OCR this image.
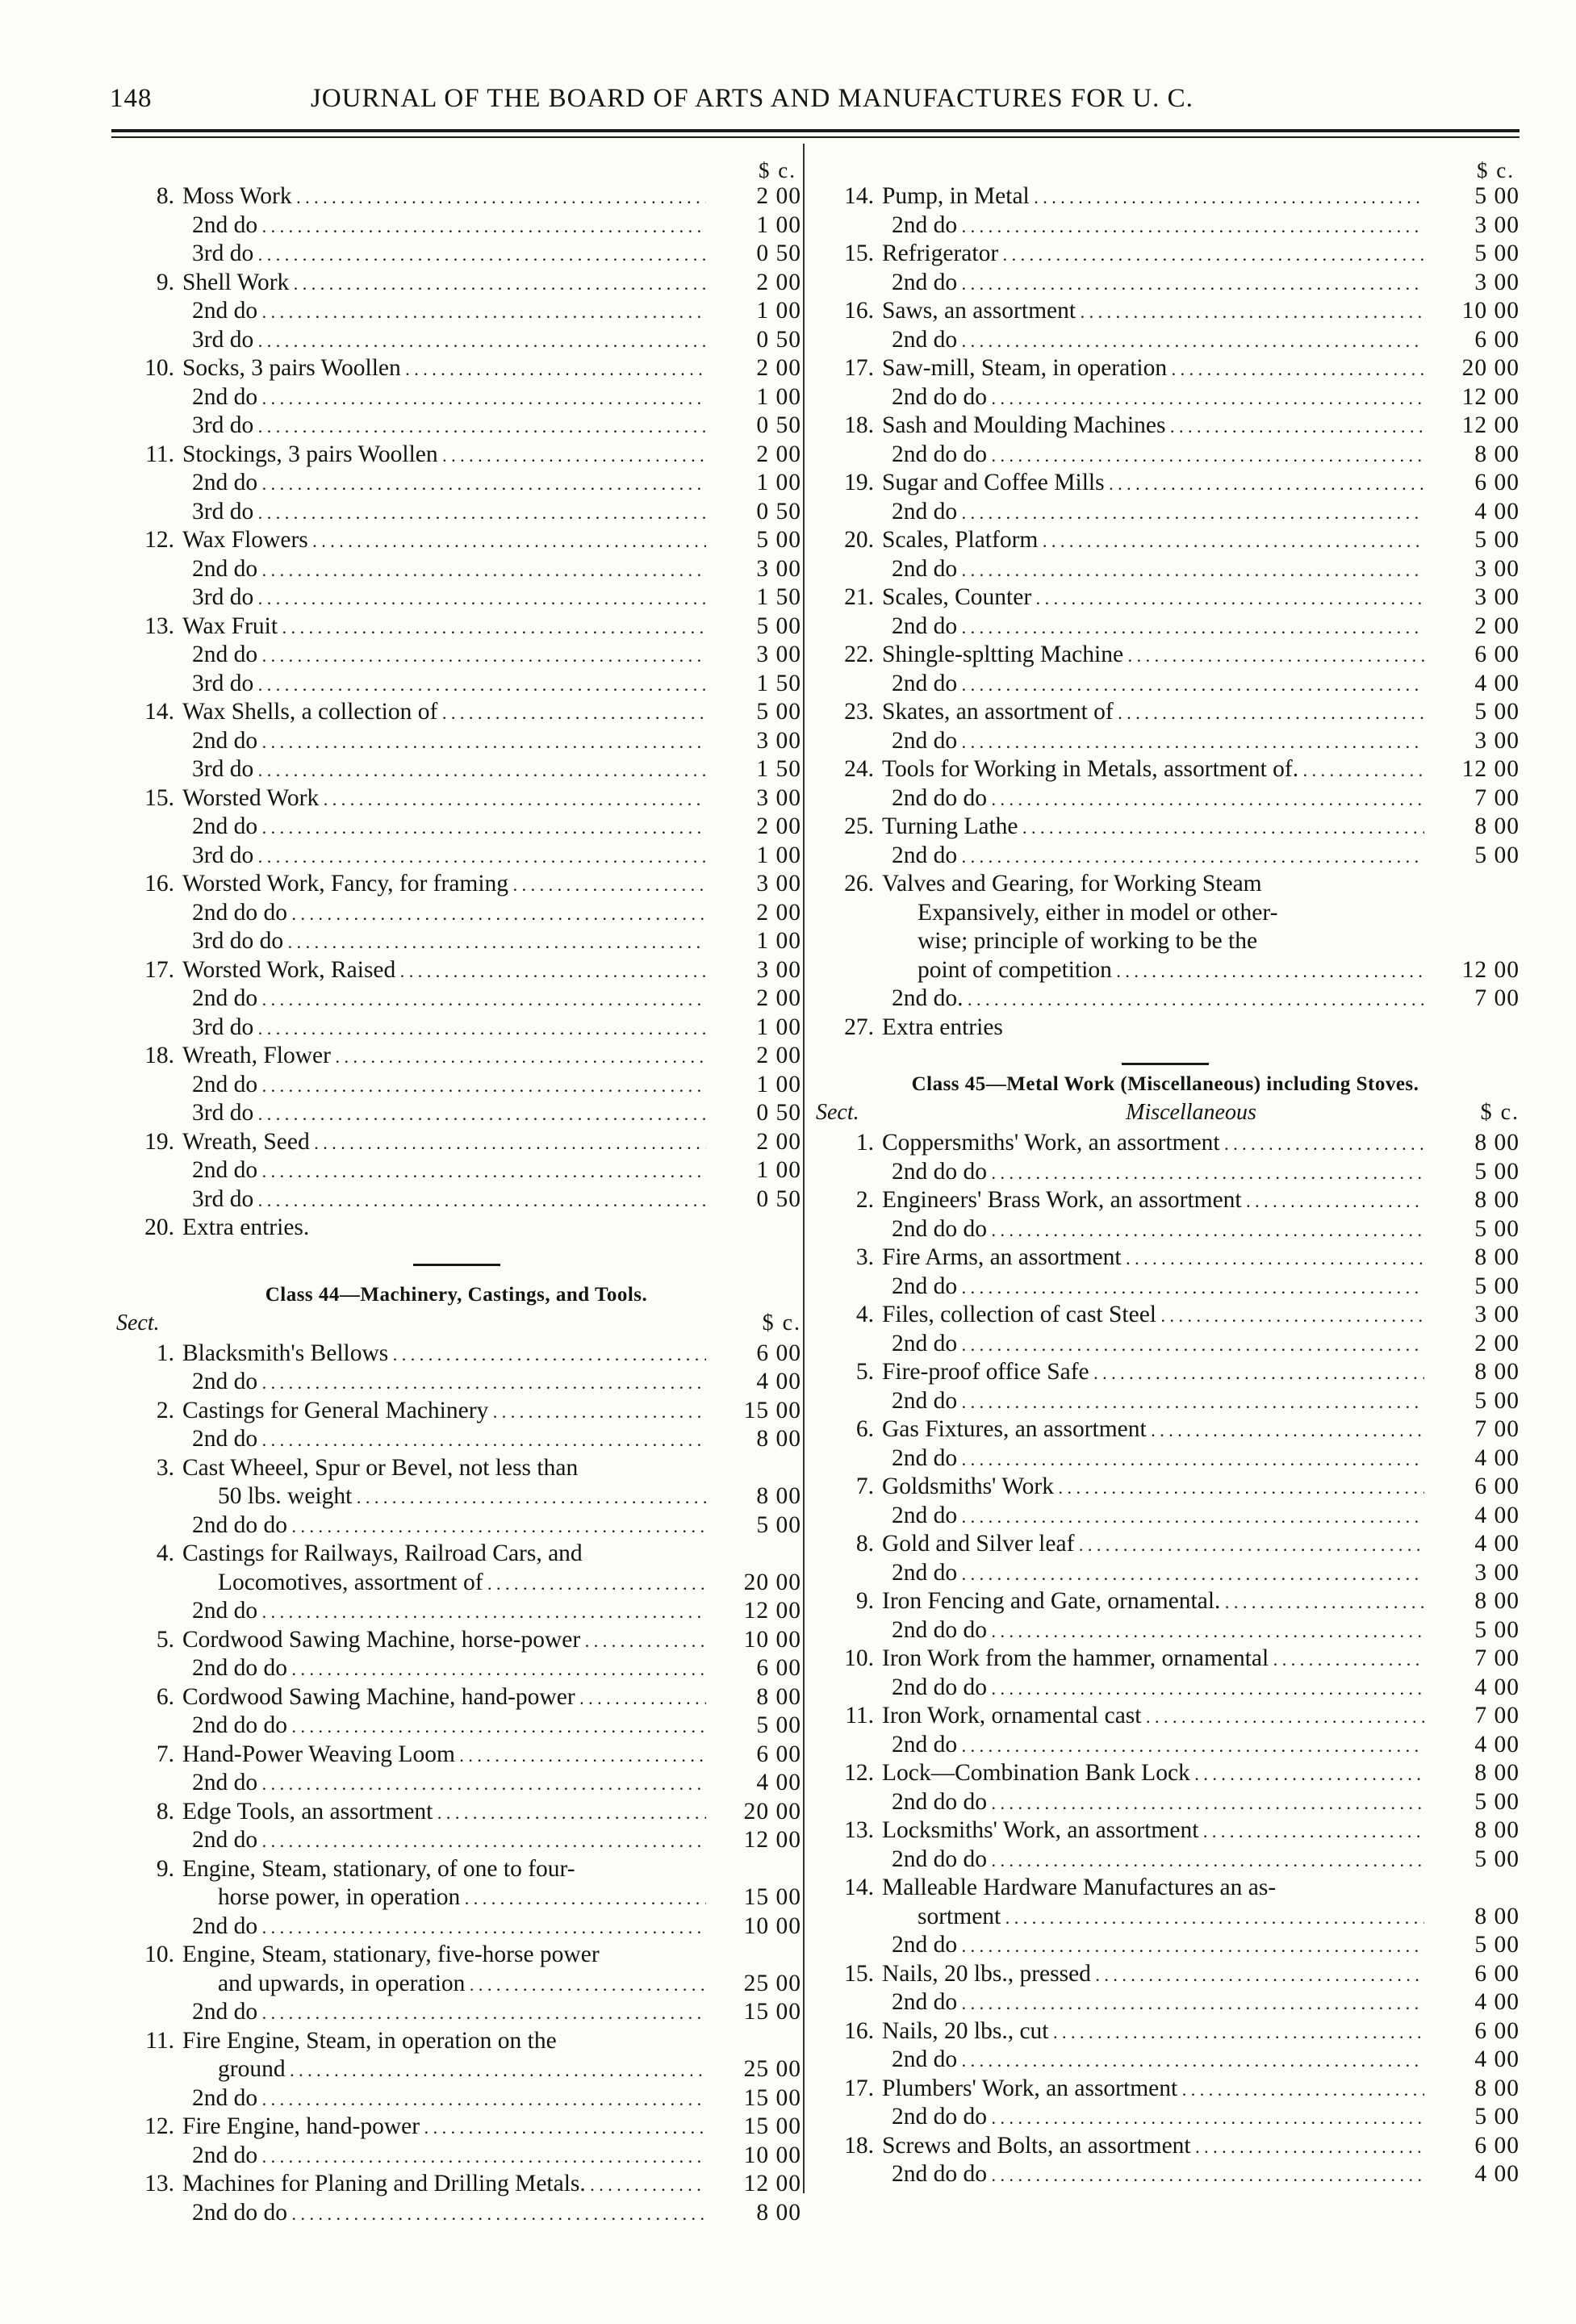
148	JOURNAL OF THE BOARD OF ARTS AND MANUFACTURES FOR U. C.
$ c.
8. Moss Work . . .	2 00
2nd do . . .	1 00
3rd do . . .	0 50
9. Shell Work . . .	2 00
2nd do . . .	1 00
3rd do . . .	0 50
10. Socks, 3 pairs Woollen . . .	2 00
2nd do . . .	1 00
3rd do . . .	0 50
11. Stockings, 3 pairs Woollen . . .	2 00
2nd do . . .	1 00
3rd do . . .	0 50
12. Wax Flowers . . .	5 00
2nd do . . .	3 00
3rd do . . .	1 50
13. Wax Fruit . . .	5 00
2nd do . . .	3 00
3rd do . . .	1 50
14. Wax Shells, a collection of . . .	5 00
2nd do . . .	3 00
3rd do . . .	1 50
15. Worsted Work . . .	3 00
2nd do . . .	2 00
3rd do . . .	1 00
16. Worsted Work, Fancy, for framing . . .	3 00
2nd do do . . .	2 00
3rd do do . . .	1 00
17. Worsted Work, Raised . . .	3 00
2nd do . . .	2 00
3rd do . . .	1 00
18. Wreath, Flower . . .	2 00
2nd do . . .	1 00
3rd do . . .	0 50
19. Wreath, Seed . . .	2 00
2nd do . . .	1 00
3rd do . . .	0 50
20. Extra entries.
Class 44—Machinery, Castings, and Tools.
Sect.	$ c.
1. Blacksmith's Bellows . . .	6 00
2nd do . . .	4 00
2. Castings for General Machinery . . .	15 00
2nd do . . .	8 00
3. Cast Wheeel, Spur or Bevel, not less than
50 lbs. weight . . .	8 00
2nd do do . . .	5 00
4. Castings for Railways, Railroad Cars, and
Locomotives, assortment of . . .	20 00
2nd do . . .	12 00
5. Cordwood Sawing Machine, horse-power . . .	10 00
2nd do do . . .	6 00
6. Cordwood Sawing Machine, hand-power . . .	8 00
2nd do do . . .	5 00
7. Hand-Power Weaving Loom . . .	6 00
2nd do . . .	4 00
8. Edge Tools, an assortment . . .	20 00
2nd do . . .	12 00
9. Engine, Steam, stationary, of one to four-
horse power, in operation . . .	15 00
2nd do . . .	10 00
10. Engine, Steam, stationary, five-horse power
and upwards, in operation . . .	25 00
2nd do . . .	15 00
11. Fire Engine, Steam, in operation on the
ground . . .	25 00
2nd do . . .	15 00
12. Fire Engine, hand-power . . .	15 00
2nd do . . .	10 00
13. Machines for Planing and Drilling Metals. . . .	12 00
2nd do do . . .	8 00
$ c.
14. Pump, in Metal . . .	5 00
2nd do . . .	3 00
15. Refrigerator . . .	5 00
2nd do . . .	3 00
16. Saws, an assortment . . .	10 00
2nd do . . .	6 00
17. Saw-mill, Steam, in operation . . .	20 00
2nd do do . . .	12 00
18. Sash and Moulding Machines . . .	12 00
2nd do do . . .	8 00
19. Sugar and Coffee Mills . . .	6 00
2nd do . . .	4 00
20. Scales, Platform . . .	5 00
2nd do . . .	3 00
21. Scales, Counter . . .	3 00
2nd do . . .	2 00
22. Shingle-spltting Machine . . .	6 00
2nd do . . .	4 00
23. Skates, an assortment of . . .	5 00
2nd do . . .	3 00
24. Tools for Working in Metals, assortment of. . . .	12 00
2nd do do . . .	7 00
25. Turning Lathe . . .	8 00
2nd do . . .	5 00
26. Valves and Gearing, for Working Steam
Expansively, either in model or other-
wise; principle of working to be the
point of competition . . .	12 00
2nd do. . . .	7 00
27. Extra entries
Class 45—Metal Work (Miscellaneous) including Stoves.
Sect.	Miscellaneous	$ c.
1. Coppersmiths' Work, an assortment . . .	8 00
2nd do do . . .	5 00
2. Engineers' Brass Work, an assortment . . .	8 00
2nd do do . . .	5 00
3. Fire Arms, an assortment . . .	8 00
2nd do . . .	5 00
4. Files, collection of cast Steel . . .	3 00
2nd do . . .	2 00
5. Fire-proof office Safe . . .	8 00
2nd do . . .	5 00
6. Gas Fixtures, an assortment . . .	7 00
2nd do . . .	4 00
7. Goldsmiths' Work . . .	6 00
2nd do . . .	4 00
8. Gold and Silver leaf . . .	4 00
2nd do . . .	3 00
9. Iron Fencing and Gate, ornamental. . . .	8 00
2nd do do . . .	5 00
10. Iron Work from the hammer, ornamental . . .	7 00
2nd do do . . .	4 00
11. Iron Work, ornamental cast . . .	7 00
2nd do . . .	4 00
12. Lock—Combination Bank Lock . . .	8 00
2nd do do . . .	5 00
13. Locksmiths' Work, an assortment . . .	8 00
2nd do do . . .	5 00
14. Malleable Hardware Manufactures an as-
sortment . . .	8 00
2nd do . . .	5 00
15. Nails, 20 lbs., pressed . . .	6 00
2nd do . . .	4 00
16. Nails, 20 lbs., cut . . .	6 00
2nd do . . .	4 00
17. Plumbers' Work, an assortment . . .	8 00
2nd do do . . .	5 00
18. Screws and Bolts, an assortment . . .	6 00
2nd do do . . .	4 00
